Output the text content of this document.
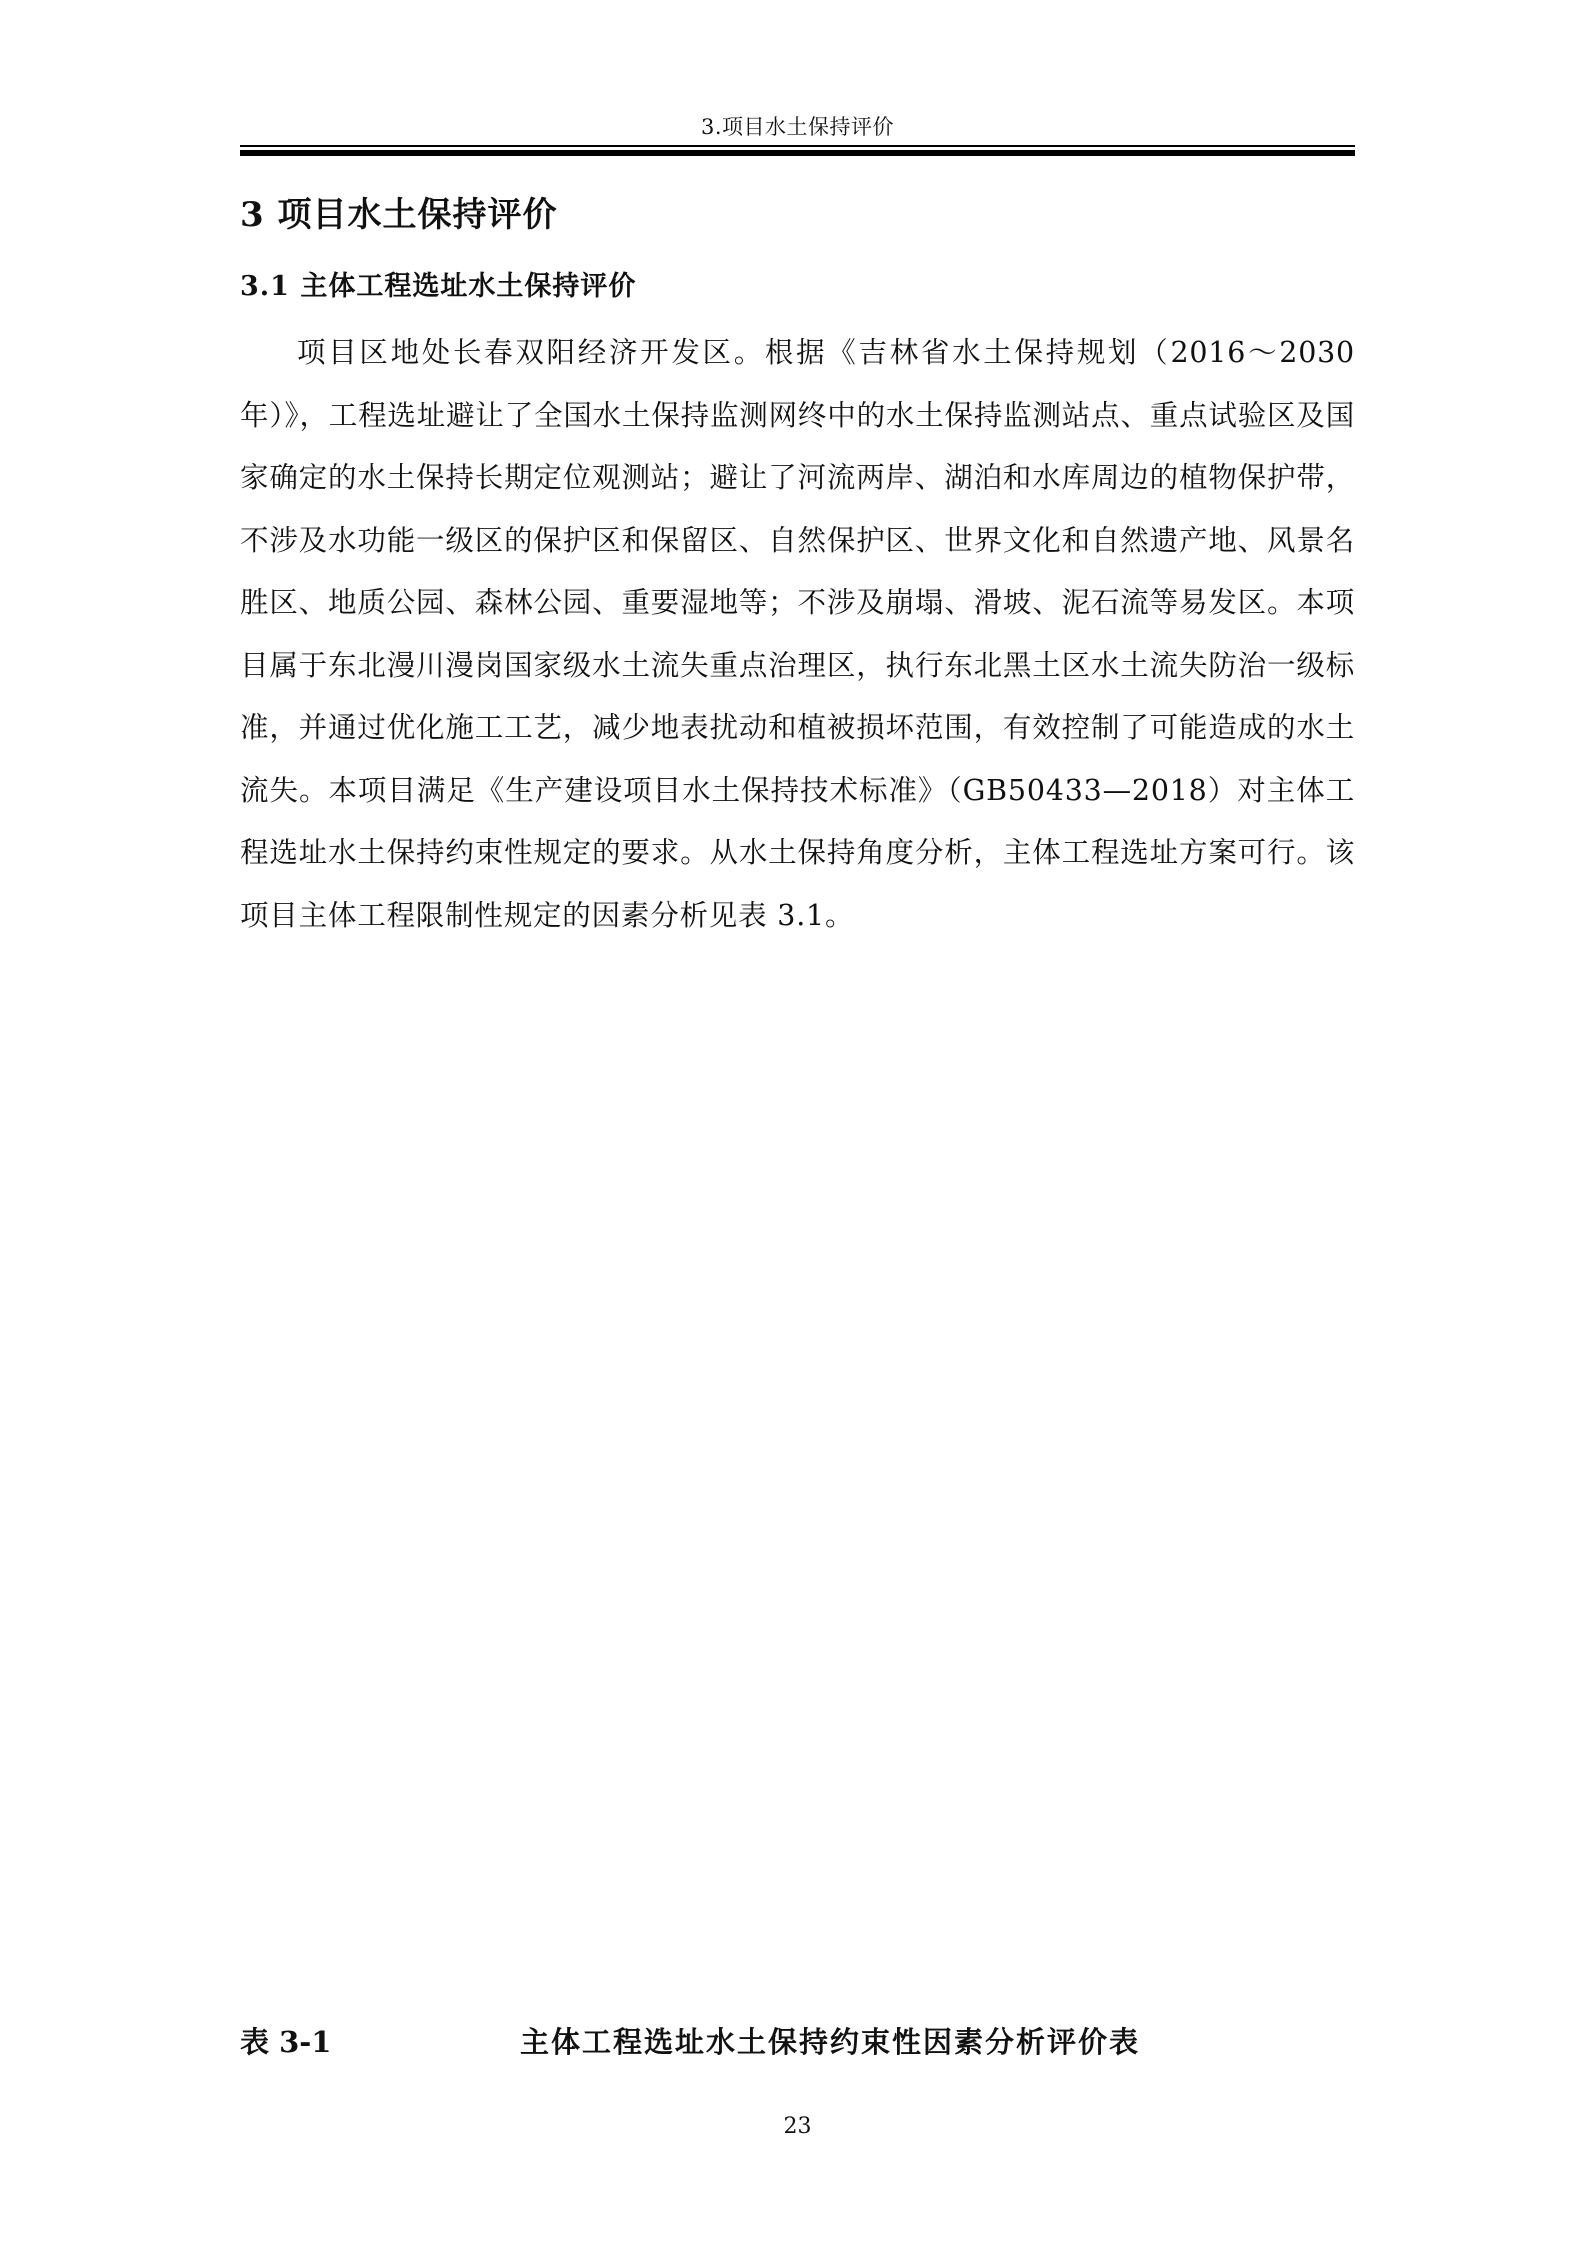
3.项目水土保持评价
3 项目水土保持评价
3.1 主体工程选址水土保持评价

项目区地处长春双阳经济开发区。根据《吉林省水土保持规划（2016～2030年）》，工程选址避让了全国水土保持监测网终中的水土保持监测站点、重点试验区及国家确定的水土保持长期定位观测站；避让了河流两岸、湖泊和水库周边的植物保护带，不涉及水功能一级区的保护区和保留区、自然保护区、世界文化和自然遗产地、风景名胜区、地质公园、森林公园、重要湿地等；不涉及崩塌、滑坡、泥石流等易发区。本项目属于东北漫川漫岗国家级水土流失重点治理区，执行东北黑土区水土流失防治一级标准，并通过优化施工工艺，减少地表扰动和植被损坏范围，有效控制了可能造成的水土流失。本项目满足《生产建设项目水土保持技术标准》（GB50433—2018）对主体工程选址水土保持约束性规定的要求。从水土保持角度分析，主体工程选址方案可行。该项目主体工程限制性规定的因素分析见表 3.1。

表 3-1	主体工程选址水土保持约束性因素分析评价表
23
